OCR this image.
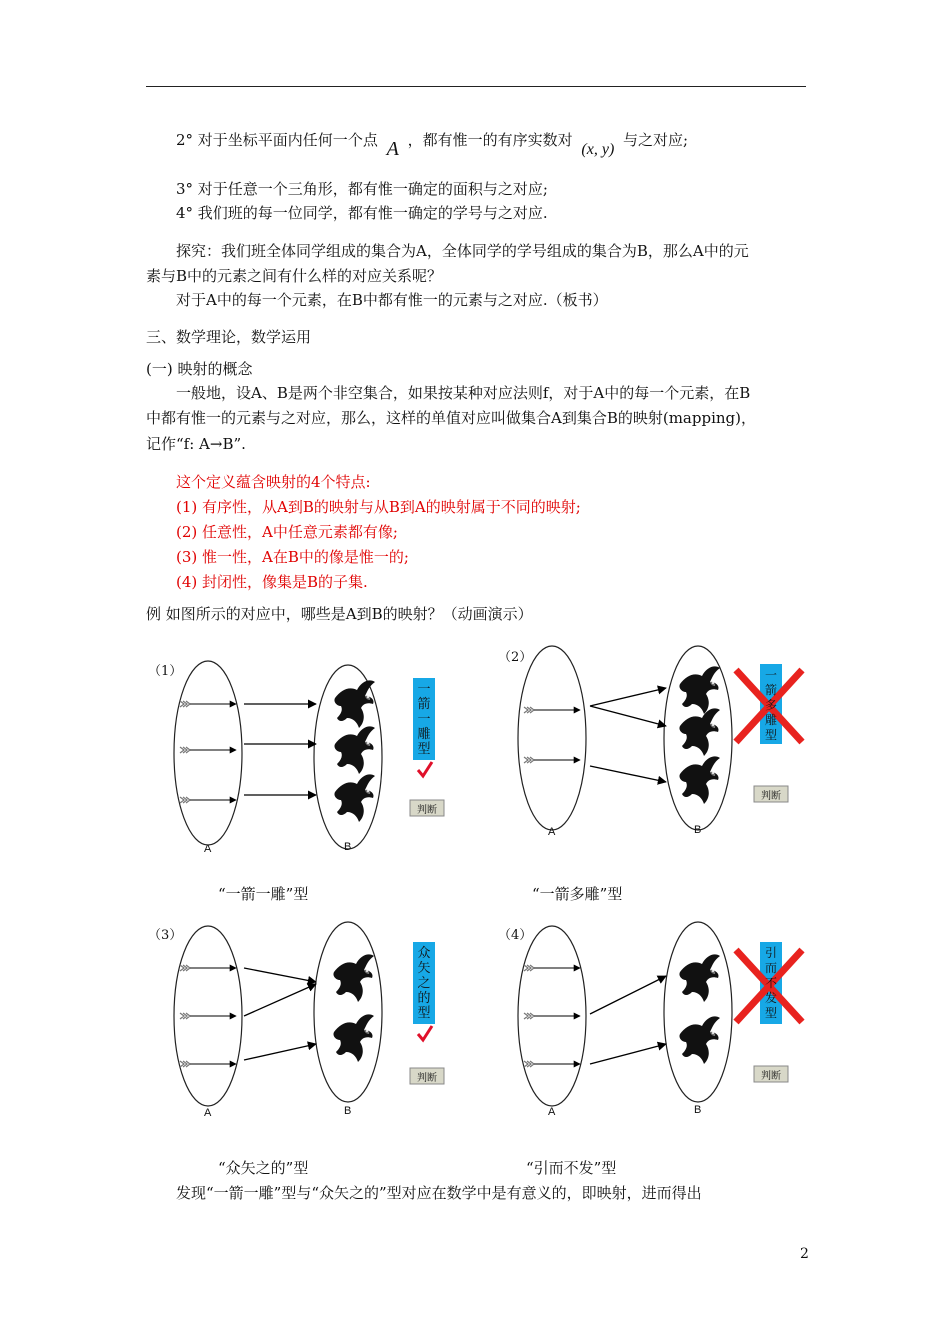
2° 对于坐标平面内任何一个点 A ，都有惟一的有序实数对 (x, y) 与之对应;
3° 对于任意一个三角形，都有惟一确定的面积与之对应;
4° 我们班的每一位同学，都有惟一确定的学号与之对应.
探究：我们班全体同学组成的集合为A，全体同学的学号组成的集合为B，那么A中的元
素与B中的元素之间有什么样的对应关系呢？
对于A中的每一个元素，在B中都有惟一的元素与之对应.（板书）
三、数学理论，数学运用
(一) 映射的概念
一般地，设A、B是两个非空集合，如果按某种对应法则f，对于A中的每一个元素，在B
中都有惟一的元素与之对应，那么，这样的单值对应叫做集合A到集合B的映射(mapping)，
记作“f: A→B”.
这个定义蕴含映射的4个特点:
(1) 有序性，从A到B的映射与从B到A的映射属于不同的映射;
(2) 任意性，A中任意元素都有像;
(3) 惟一性，A在B中的像是惟一的;
(4) 封闭性，像集是B的子集.
例 如图所示的对应中，哪些是A到B的映射？（动画演示）
（1）
一箭一雕型
判断
A	B
（2）
一箭多雕型
判断
A	B
“一箭一雕”型	“一箭多雕”型
（3）
众矢之的型
判断
A	B
（4）
引而不发型
判断
A	B
“众矢之的”型	“引而不发”型
发现“一箭一雕”型与“众矢之的”型对应在数学中是有意义的，即映射，进而得出
2
